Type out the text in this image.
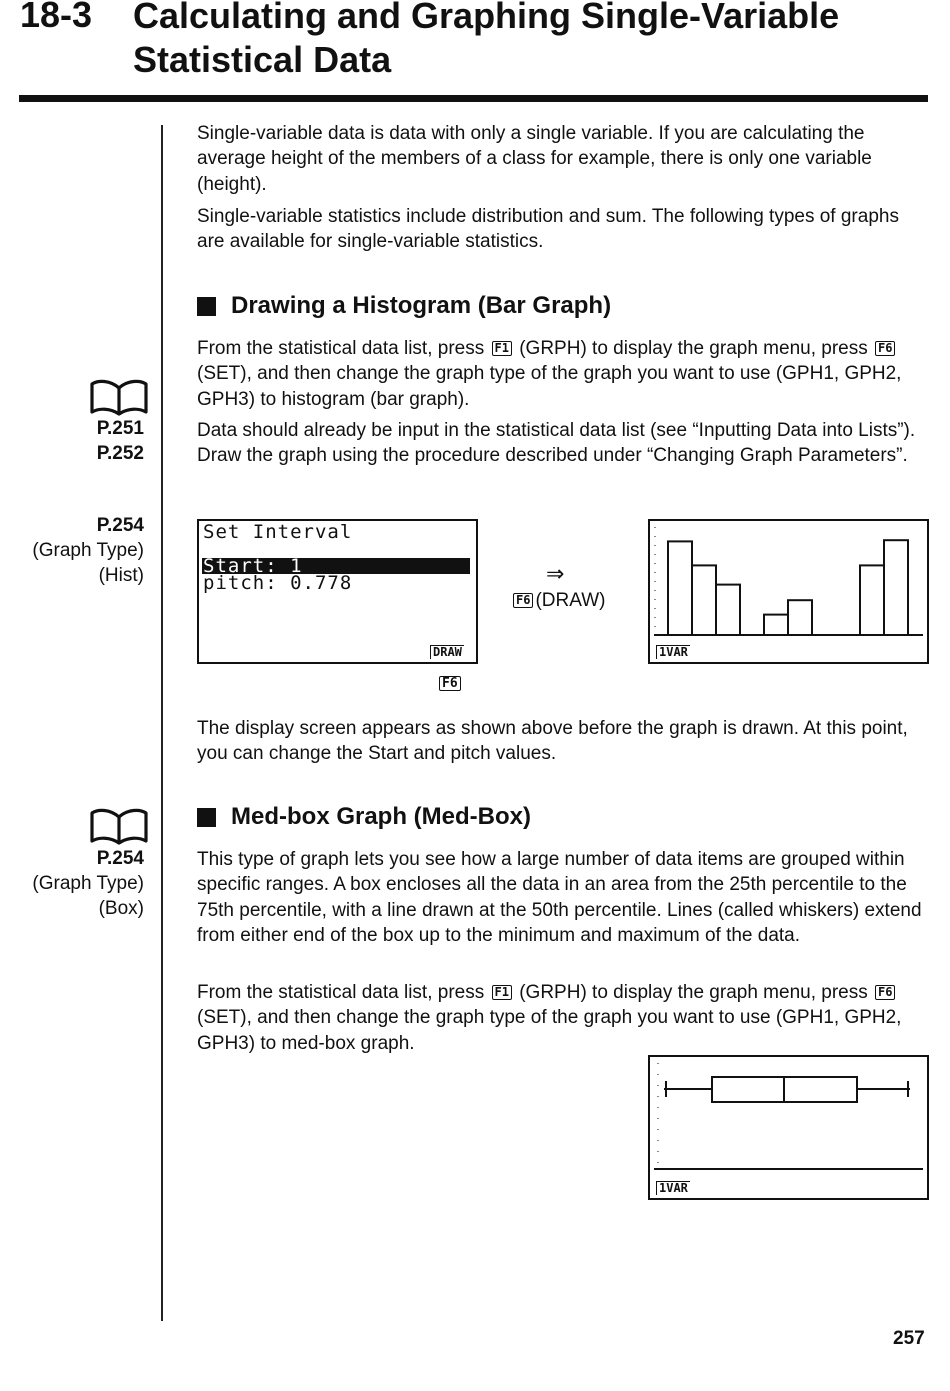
18-3 Calculating and Graphing Single-Variable Statistical Data

Single-variable data is data with only a single variable. If you are calculating the average height of the members of a class for example, there is only one variable (height).

Single-variable statistics include distribution and sum. The following types of graphs are available for single-variable statistics.

Drawing a Histogram (Bar Graph)
P.251
P.252
P.254
(Graph Type)
(Hist)

From the statistical data list, press F1 (GRPH) to display the graph menu, press F6 (SET), and then change the graph type of the graph you want to use (GPH1, GPH2, GPH3) to histogram (bar graph).

Data should already be input in the statistical data list (see “Inputting Data into Lists”). Draw the graph using the procedure described under “Changing Graph Parameters”.

Set Interval
Start: 1
pitch: 0.778
DRAW
F6
⇒
F6 (DRAW)
1VAR

The display screen appears as shown above before the graph is drawn. At this point, you can change the Start and pitch values.

Med-box Graph (Med-Box)
P.254
(Graph Type)
(Box)

This type of graph lets you see how a large number of data items are grouped within specific ranges. A box encloses all the data in an area from the 25th percentile to the 75th percentile, with a line drawn at the 50th percentile. Lines (called whiskers) extend from either end of the box up to the minimum and maximum of the data.

From the statistical data list, press F1 (GRPH) to display the graph menu, press F6 (SET), and then change the graph type of the graph you want to use (GPH1, GPH2, GPH3) to med-box graph.

1VAR
257
